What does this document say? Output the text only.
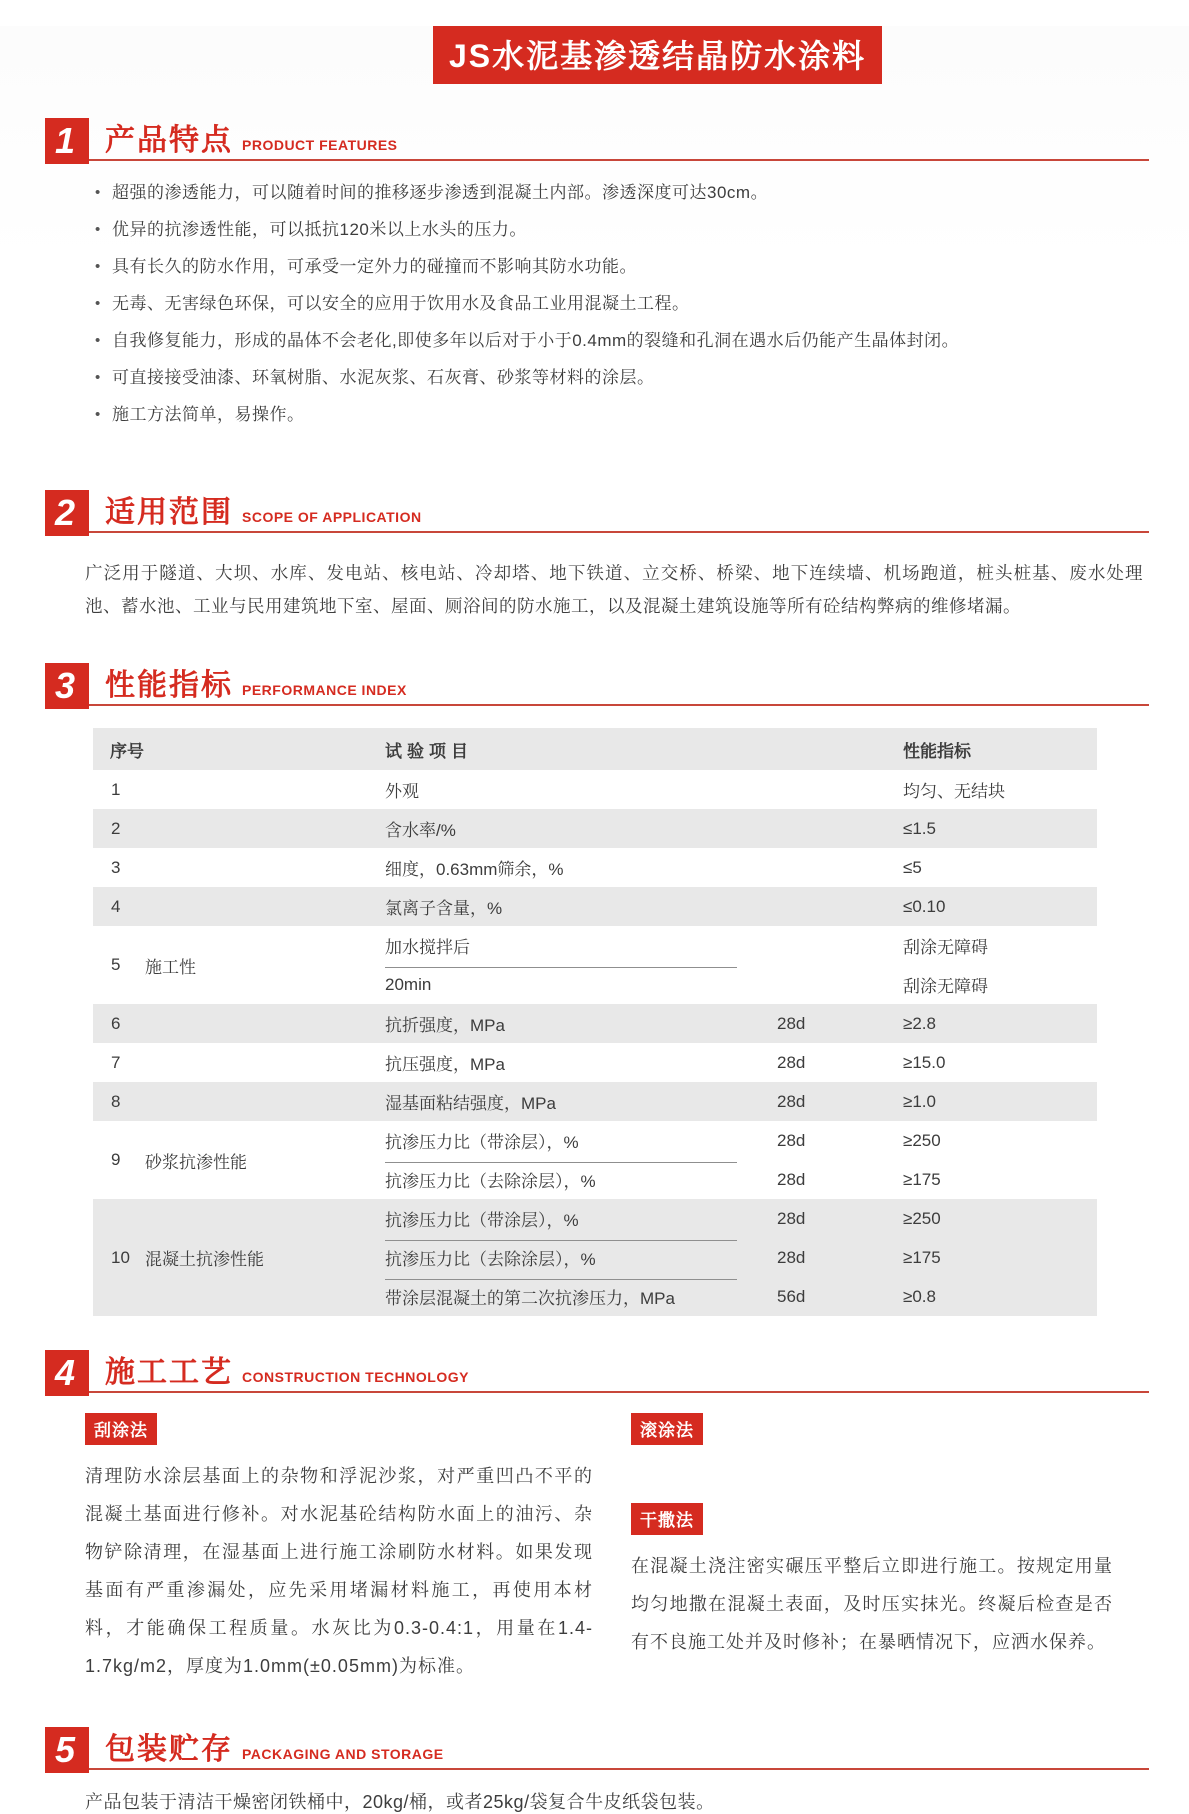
JS水泥基渗透结晶防水涂料
1 产品特点 PRODUCT FEATURES
• 超强的渗透能力，可以随着时间的推移逐步渗透到混凝土内部。渗透深度可达30cm。
• 优异的抗渗透性能，可以抵抗120米以上水头的压力。
• 具有长久的防水作用，可承受一定外力的碰撞而不影响其防水功能。
• 无毒、无害绿色环保，可以安全的应用于饮用水及食品工业用混凝土工程。
• 自我修复能力，形成的晶体不会老化,即使多年以后对于小于0.4mm的裂缝和孔洞在遇水后仍能产生晶体封闭。
• 可直接接受油漆、环氧树脂、水泥灰浆、石灰膏、砂浆等材料的涂层。
• 施工方法简单，易操作。
2 适用范围 SCOPE OF APPLICATION

广泛用于隧道、大坝、水库、发电站、核电站、冷却塔、地下铁道、立交桥、桥梁、地下连续墙、机场跑道，桩头桩基、废水处理池、蓄水池、工业与民用建筑地下室、屋面、厕浴间的防水施工，以及混凝土建筑设施等所有砼结构弊病的维修堵漏。

3 性能指标 PERFORMANCE INDEX
序号	试验项目	性能指标
1	外观	均匀、无结块
2	含水率/%	≤1.5
3	细度，0.63mm筛余，%	≤5
4	氯离子含量，%	≤0.10
5	施工性
加水搅拌后	刮涂无障碍
20min	刮涂无障碍
6	抗折强度，MPa	28d	≥2.8
7	抗压强度，MPa	28d	≥15.0
8	湿基面粘结强度，MPa	28d	≥1.0
9	砂浆抗渗性能
抗渗压力比（带涂层），%	28d	≥250
抗渗压力比（去除涂层），%	28d	≥175
10 混凝土抗渗性能
抗渗压力比（带涂层），%	28d	≥250
抗渗压力比（去除涂层），%	28d	≥175
带涂层混凝土的第二次抗渗压力，MPa	56d	≥0.8
4 施工工艺 CONSTRUCTION TECHNOLOGY
刮涂法
清理防水涂层基面上的杂物和浮泥沙浆，对严重凹凸不平的混凝土基面进行修补。对水泥基砼结构防水面上的油污、杂物铲除清理，在湿基面上进行施工涂刷防水材料。如果发现基面有严重渗漏处，应先采用堵漏材料施工，再使用本材料，才能确保工程质量。水灰比为0.3-0.4:1，用量在1.4-1.7kg/m2，厚度为1.0mm(±0.05mm)为标准。
滚涂法
干撒法
在混凝土浇注密实碾压平整后立即进行施工。按规定用量均匀地撒在混凝土表面，及时压实抹光。终凝后检查是否有不良施工处并及时修补；在暴晒情况下，应洒水保养。
5 包装贮存 PACKAGING AND STORAGE

产品包装于清洁干燥密闭铁桶中，20kg/桶，或者25kg/袋复合牛皮纸袋包装。
